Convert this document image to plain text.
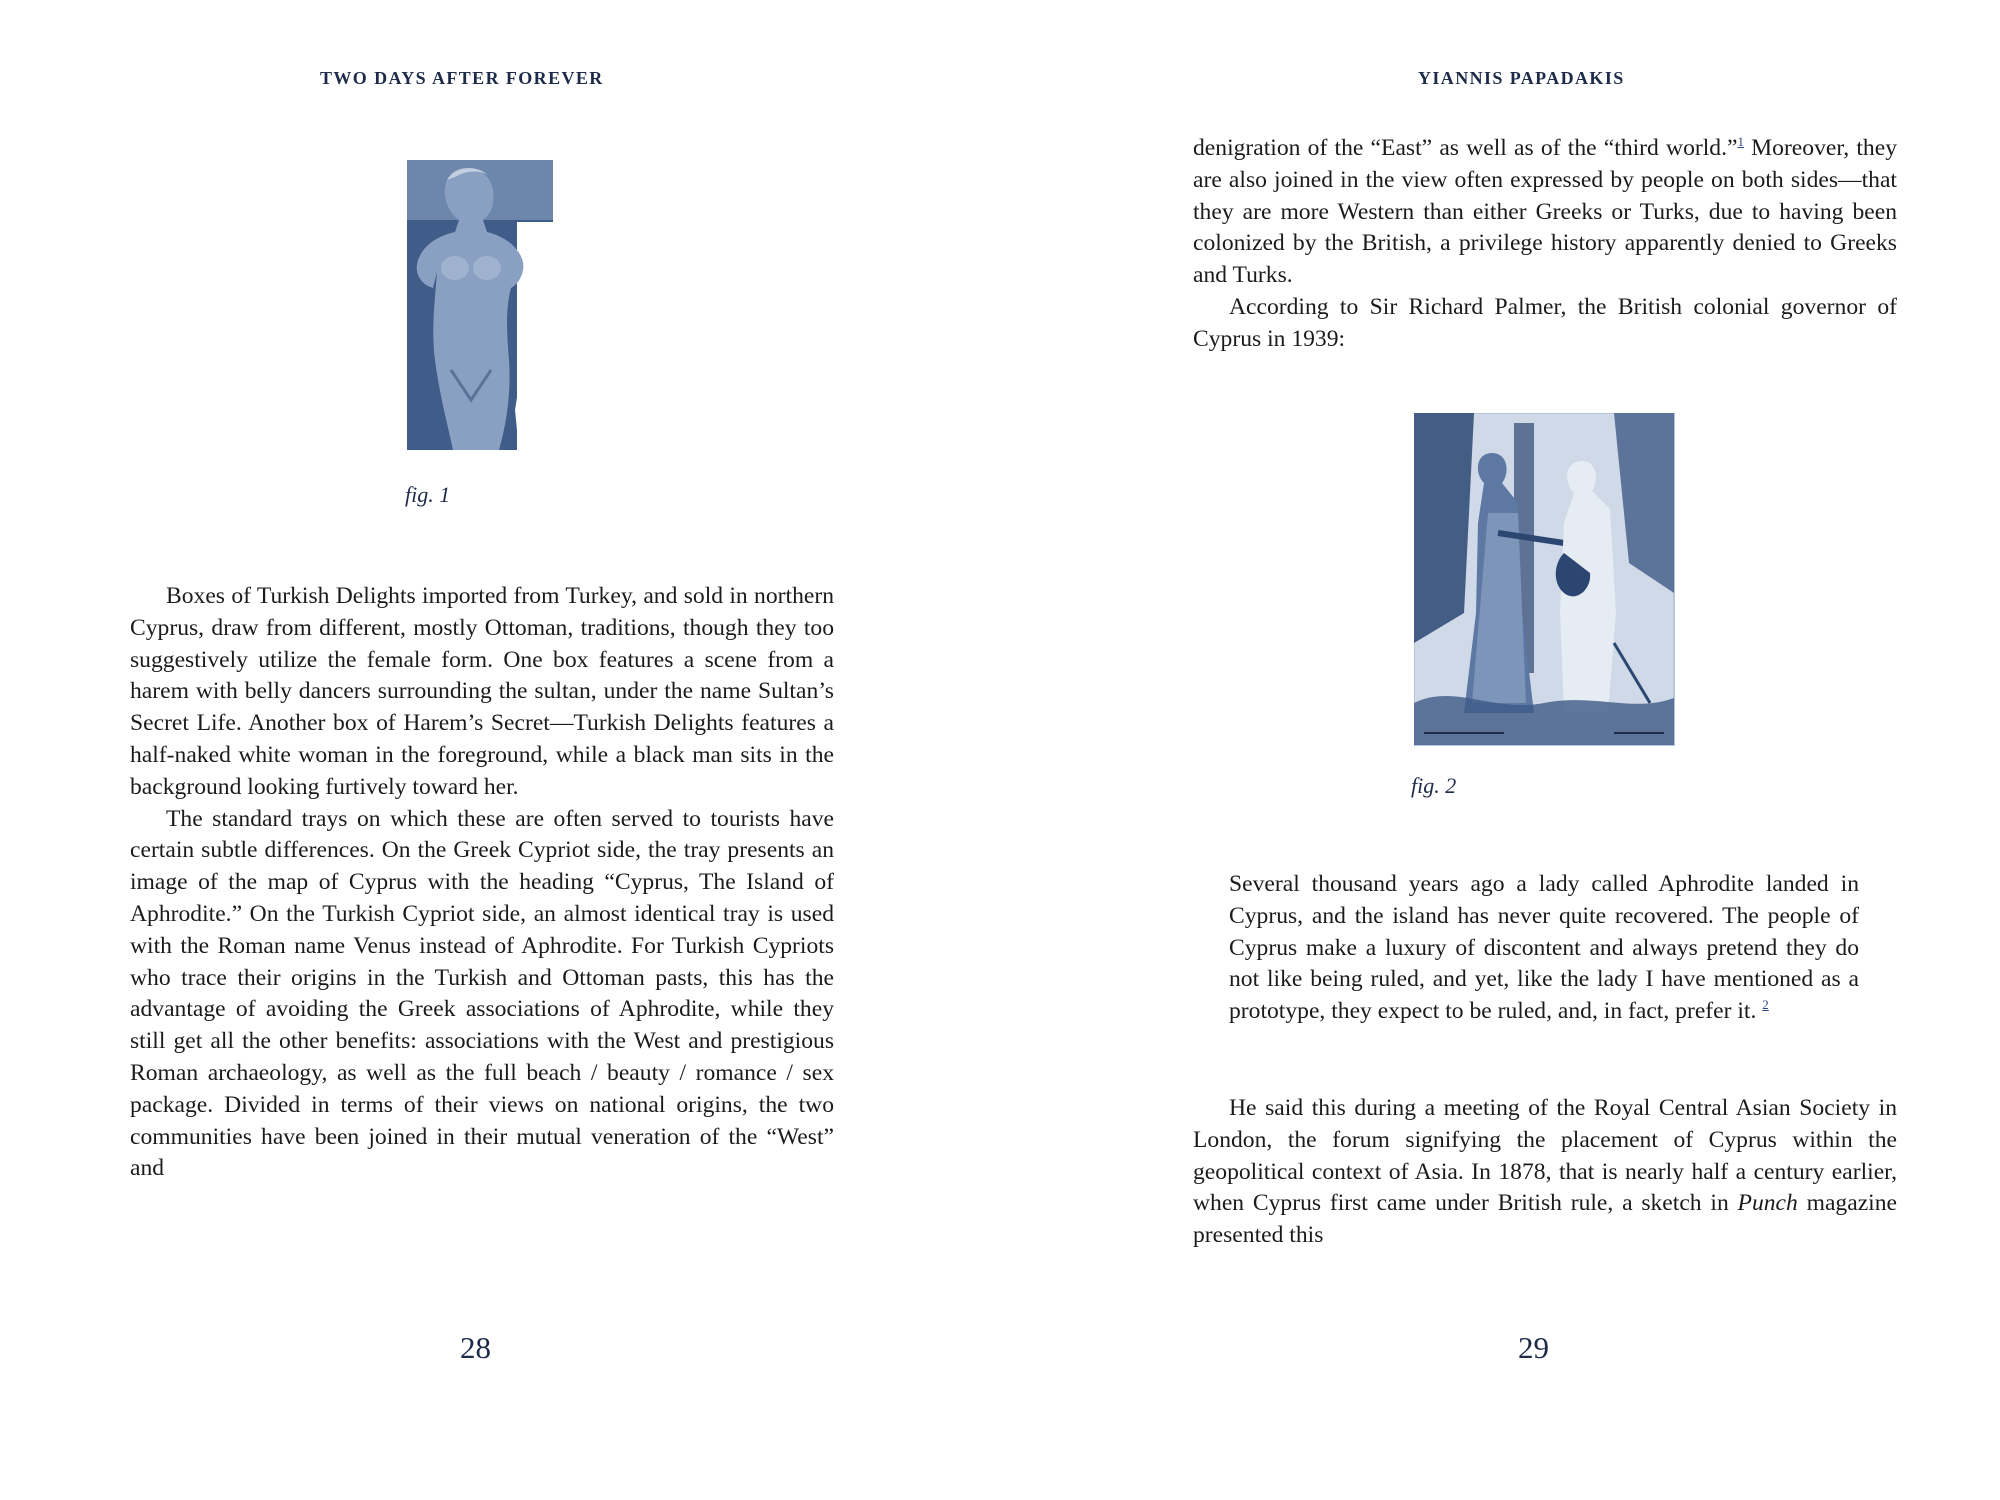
TWO DAYS AFTER FOREVER

fig. 1

Boxes of Turkish Delights imported from Turkey, and sold in northern Cyprus, draw from different, mostly Ottoman, traditions, though they too suggestively utilize the female form. One box features a scene from a harem with belly dancers surrounding the sultan, under the name Sultan’s Secret Life. Another box of Harem’s Secret—Turkish Delights features a half-naked white woman in the foreground, while a black man sits in the background looking furtively toward her.

The standard trays on which these are often served to tourists have certain subtle differences. On the Greek Cypriot side, the tray presents an image of the map of Cyprus with the heading “Cyprus, The Island of Aphrodite.” On the Turkish Cypriot side, an almost identical tray is used with the Roman name Venus instead of Aphrodite. For Turkish Cypriots who trace their origins in the Turkish and Ottoman pasts, this has the advantage of avoiding the Greek associations of Aphrodite, while they still get all the other benefits: associations with the West and prestigious Roman archaeology, as well as the full beach / beauty / romance / sex package. Divided in terms of their views on national origins, the two communities have been joined in their mutual veneration of the “West” and

28
YIANNIS PAPADAKIS

denigration of the “East” as well as of the “third world.”$^1$ Moreover, they are also joined in the view often expressed by people on both sides—that they are more Western than either Greeks or Turks, due to having been colonized by the British, a privilege history apparently denied to Greeks and Turks.

According to Sir Richard Palmer, the British colonial governor of Cyprus in 1939:

fig. 2

Several thousand years ago a lady called Aphrodite landed in Cyprus, and the island has never quite recovered. The people of Cyprus make a luxury of discontent and always pretend they do not like being ruled, and yet, like the lady I have mentioned as a prototype, they expect to be ruled, and, in fact, prefer it. $^2$

He said this during a meeting of the Royal Central Asian Society in London, the forum signifying the placement of Cyprus within the geopolitical context of Asia. In 1878, that is nearly half a century earlier, when Cyprus first came under British rule, a sketch in Punch magazine presented this

29
